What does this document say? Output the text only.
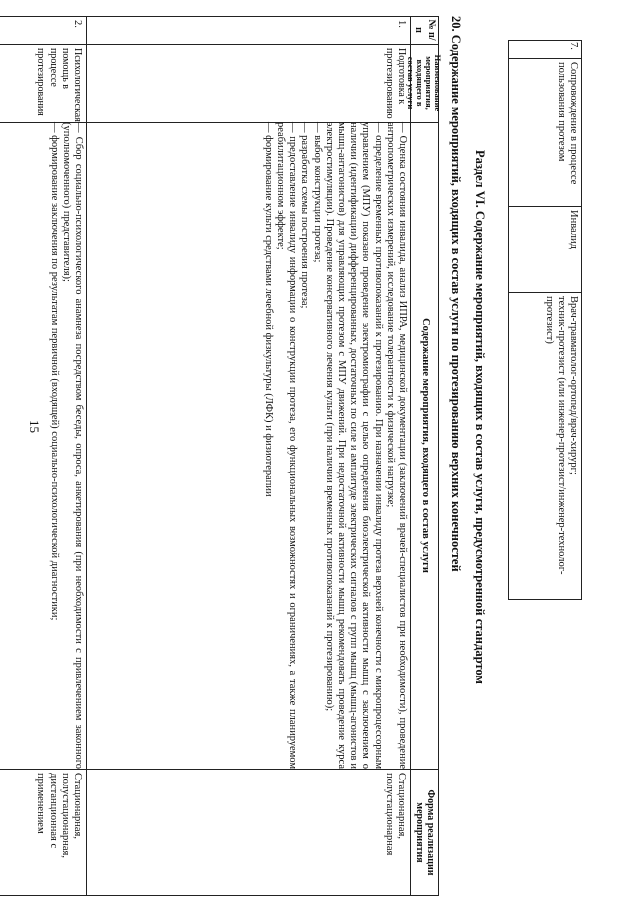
15
7.
Сопровождение в процессе пользования протезом
Инвалид
Врач-травматолог-ортопед/врач-хирург;
техник-протезист (или инженер-протезист/инженер-технолог-протезист)
Раздел VI. Содержание мероприятий, входящих в состав услуги, предусмотренной стандартом
20. Содержание мероприятий, входящих в состав услуги по протезированию верхних конечностей
№ п/п
Наименование мероприятия, входящего в состав услуги
Содержание мероприятия, входящего в состав услуги
Форма реализации мероприятия
1.
Подготовка к протезированию
— Оценка состояния инвалида, анализ ИПРА, медицинской документации (заключений врачей-специалистов при необходимости), проведение антропометрических измерений, исследование толерантности к физической нагрузке;
— определение временных противопоказаний к протезированию. При назначении инвалиду протеза верхней конечности с микропроцессорным управлением (МПУ) показано проведение электромиографии с целью определения биоэлектрической активности мышц с заключением о наличии (идентификации) дифференцированных, достаточных по силе и амплитуде электрических сигналов с групп мышц (мышц-агонистов и мышц-антагонистов) для управляющих протезом с МПУ движений. При недостаточной активности мышц рекомендовать проведение курса электростимуляции). Проведение консервативного лечения культи (при наличии временных противопоказаний к протезированию);
— выбор конструкции протеза;
— разработка схемы построения протеза;
— предоставление инвалиду информации о конструкции протеза, его функциональных возможностях и ограничениях, а также планируемом реабилитационном эффекте;
— формирование культи средствами лечебной физкультуры (ЛФК) и физиотерапии
Стационарная, полустационарная
2.
Психологическая помощь в процессе протезирования
— Сбор социально-психологического анамнеза посредством беседы, опроса, анкетирования (при необходимости с привлечением законного (уполномоченного) представителя);
— формирование заключения по результатам первичной (входящей) социально-психологической диагностики;
Стационарная, полустационарная, дистанционная с применением
